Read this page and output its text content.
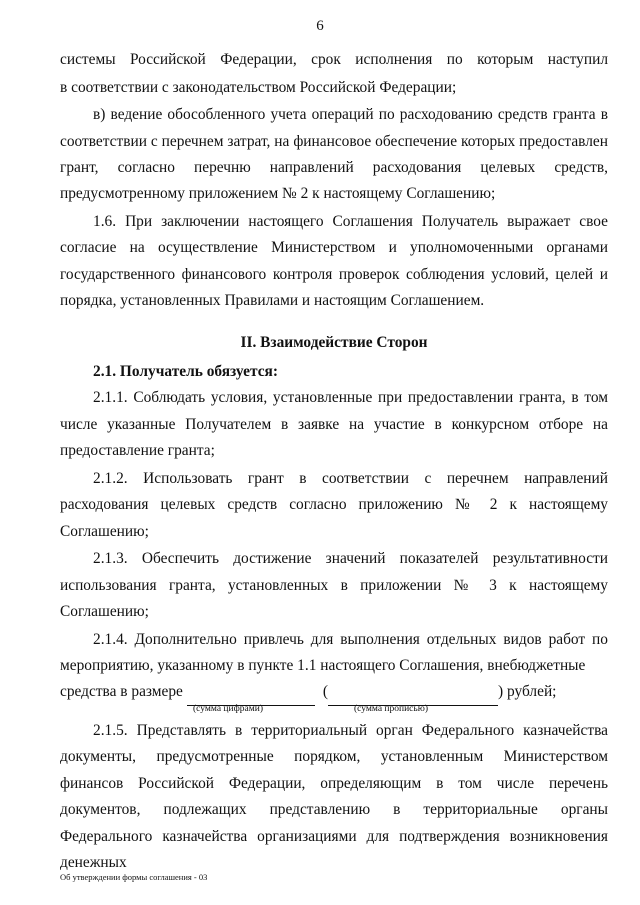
6

системы Российской Федерации, срок исполнения по которым наступил

в соответствии с законодательством Российской Федерации;

в) ведение обособленного учета операций по расходованию средств гранта в соответствии с перечнем затрат, на финансовое обеспечение которых предоставлен грант, согласно перечню направлений расходования целевых средств, предусмотренному приложением № 2 к настоящему Соглашению;

1.6. При заключении настоящего Соглашения Получатель выражает свое согласие на осуществление Министерством и уполномоченными органами государственного финансового контроля проверок соблюдения условий, целей и порядка, установленных Правилами и настоящим Соглашением.

II. Взаимодействие Сторон

2.1. Получатель обязуется:

2.1.1. Соблюдать условия, установленные при предоставлении гранта, в том числе указанные Получателем в заявке на участие в конкурсном отборе на предоставление гранта;

2.1.2. Использовать грант в соответствии с перечнем направлений расходования целевых средств согласно приложению № 2 к настоящему Соглашению;

2.1.3. Обеспечить достижение значений показателей результативности использования гранта, установленных в приложении № 3 к настоящему Соглашению;

2.1.4. Дополнительно привлечь для выполнения отдельных видов работ по мероприятию, указанному в пункте 1.1 настоящего Соглашения, внебюджетные

средства в размере	(	) рублей;
(сумма цифрами)	(сумма прописью)

2.1.5. Представлять в территориальный орган Федерального казначейства документы, предусмотренные порядком, установленным Министерством финансов Российской Федерации, определяющим в том числе перечень документов, подлежащих представлению в территориальные органы Федерального казначейства организациями для подтверждения возникновения денежных

Об утверждении формы соглашения - 03
